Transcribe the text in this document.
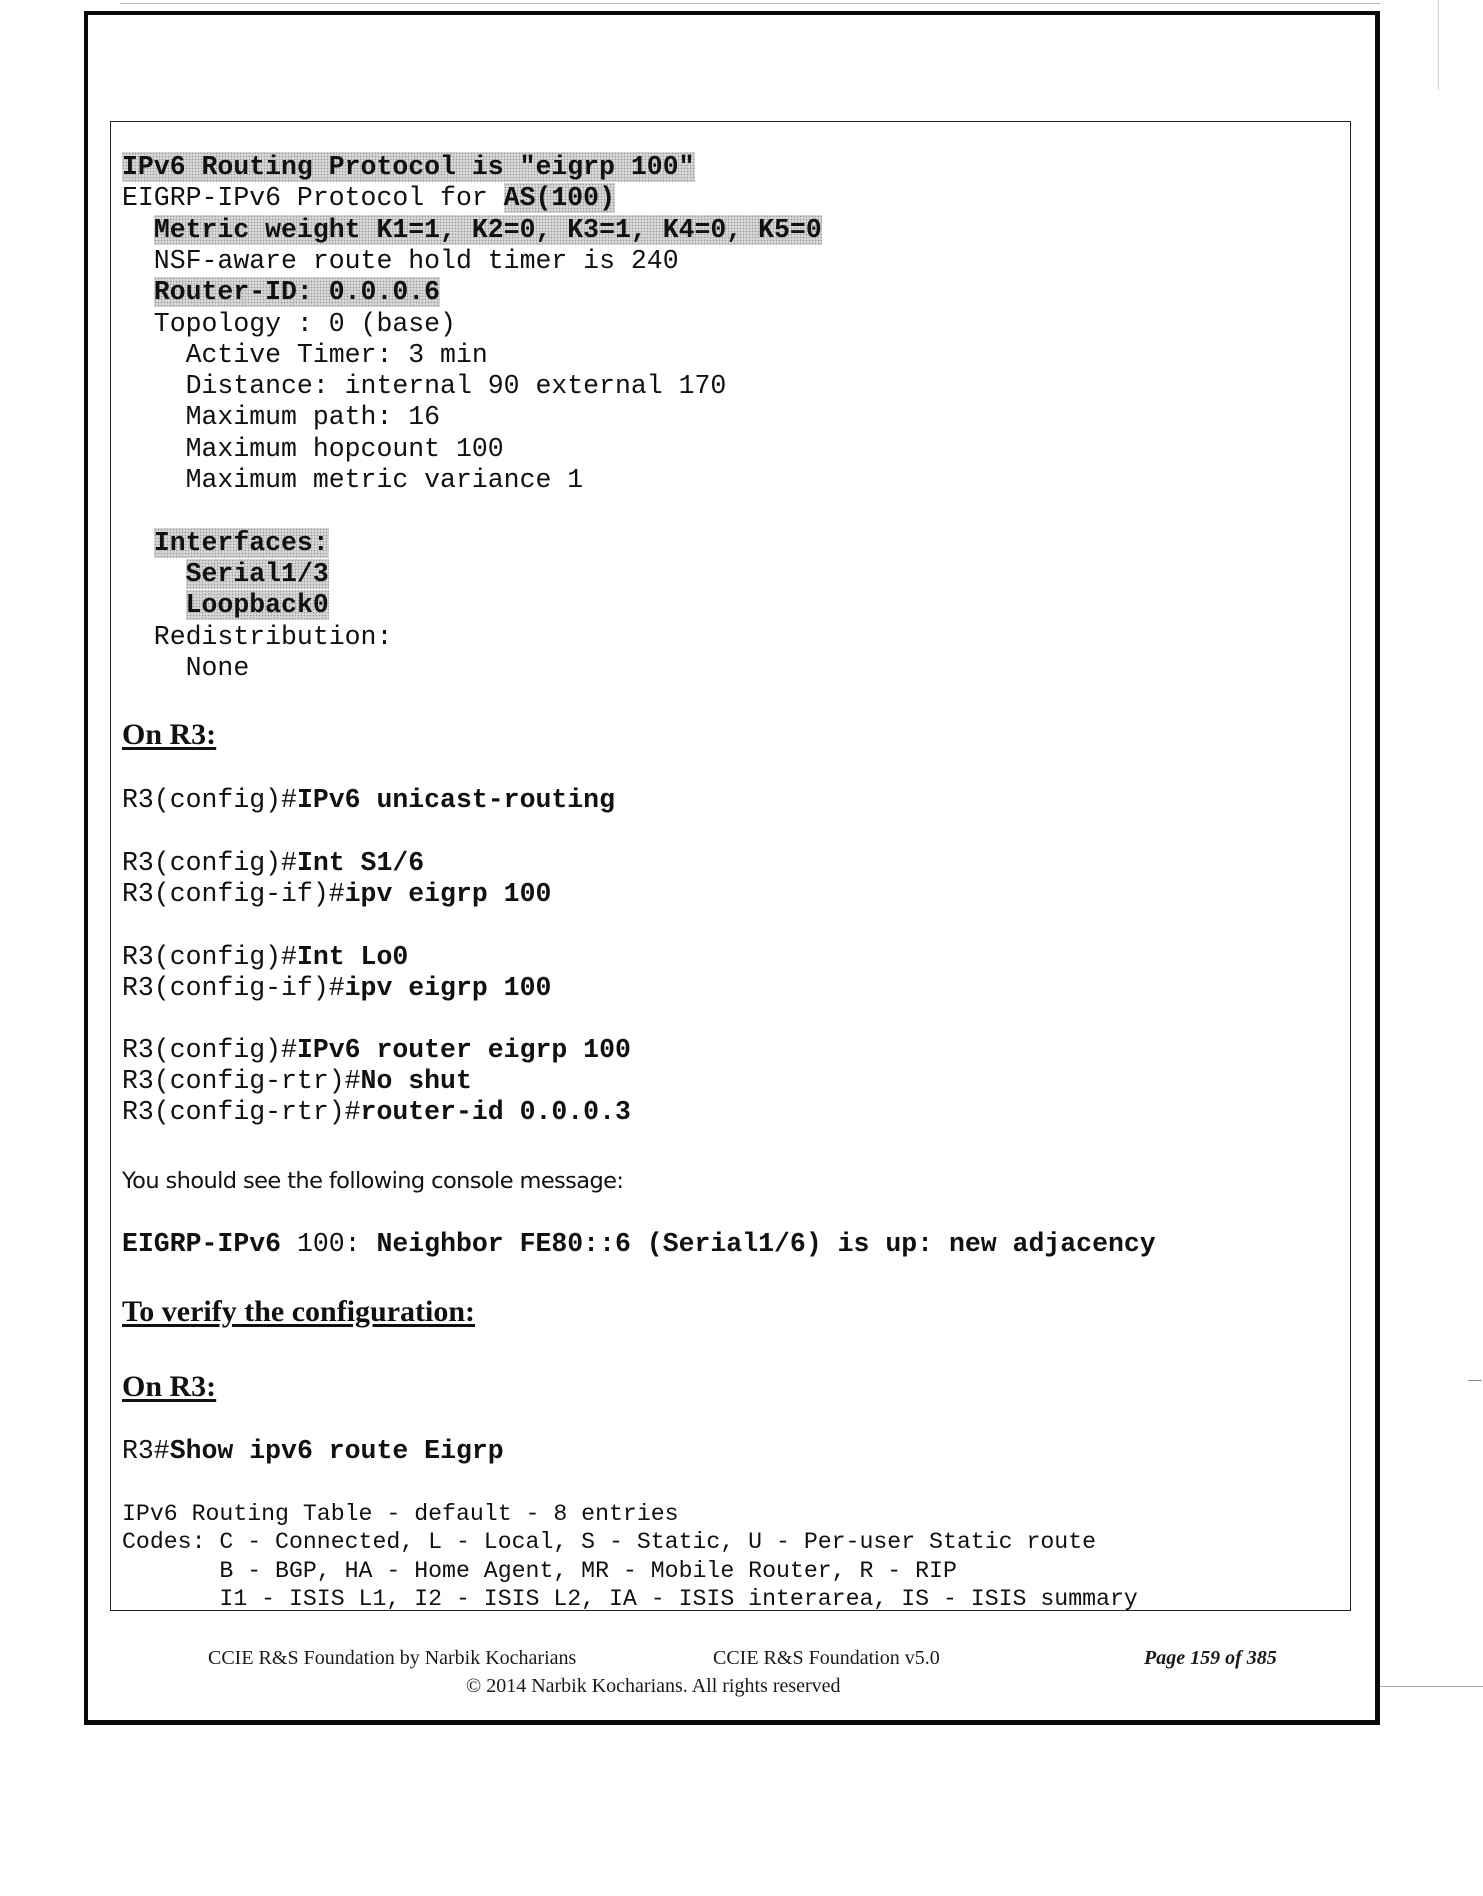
IPv6 Routing Protocol is "eigrp 100"
EIGRP-IPv6 Protocol for AS(100)
Metric weight K1=1, K2=0, K3=1, K4=0, K5=0
NSF-aware route hold timer is 240
Router-ID: 0.0.0.6
Topology : 0 (base)
Active Timer: 3 min
Distance: internal 90 external 170
Maximum path: 16
Maximum hopcount 100
Maximum metric variance 1
Interfaces:
Serial1/3
Loopback0
Redistribution:
None
On R3:
R3(config)#IPv6 unicast-routing
R3(config)#Int S1/6
R3(config-if)#ipv eigrp 100
R3(config)#Int Lo0
R3(config-if)#ipv eigrp 100
R3(config)#IPv6 router eigrp 100
R3(config-rtr)#No shut
R3(config-rtr)#router-id 0.0.0.3
You should see the following console message:
EIGRP-IPv6 100: Neighbor FE80::6 (Serial1/6) is up: new adjacency
To verify the configuration:
On R3:
R3#Show ipv6 route Eigrp
IPv6 Routing Table - default - 8 entries
Codes: C - Connected, L - Local, S - Static, U - Per-user Static route
B - BGP, HA - Home Agent, MR - Mobile Router, R - RIP
I1 - ISIS L1, I2 - ISIS L2, IA - ISIS interarea, IS - ISIS summary
CCIE R&S Foundation by Narbik Kocharians	CCIE R&S Foundation v5.0	Page 159 of 385
© 2014 Narbik Kocharians. All rights reserved
